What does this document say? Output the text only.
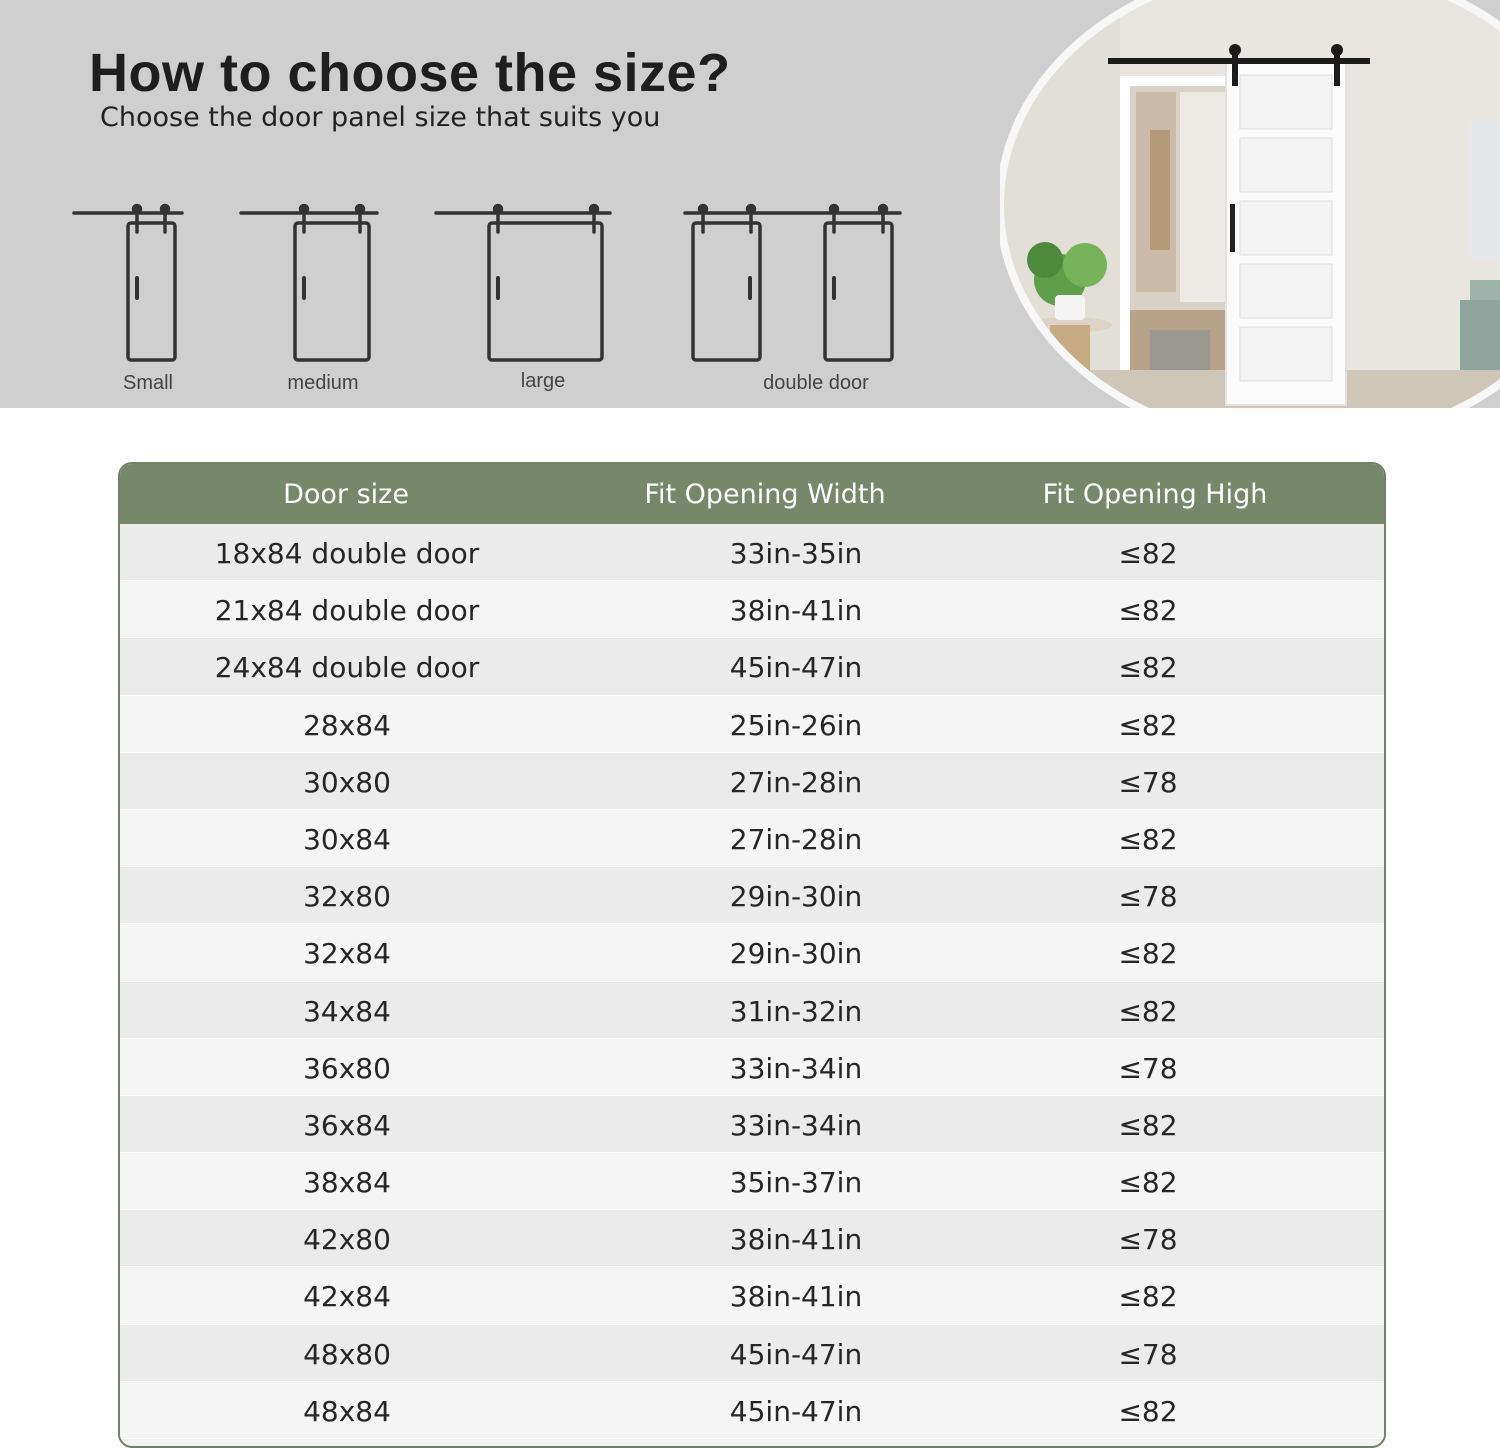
How to choose the size?
Choose the door panel size that suits you
Small	medium	large	double door
Door size	Fit Opening Width	Fit Opening High
18x84 double door	33in-35in	≤82
21x84 double door	38in-41in	≤82
24x84 double door	45in-47in	≤82
28x84	25in-26in	≤82
30x80	27in-28in	≤78
30x84	27in-28in	≤82
32x80	29in-30in	≤78
32x84	29in-30in	≤82
34x84	31in-32in	≤82
36x80	33in-34in	≤78
36x84	33in-34in	≤82
38x84	35in-37in	≤82
42x80	38in-41in	≤78
42x84	38in-41in	≤82
48x80	45in-47in	≤78
48x84	45in-47in	≤82
